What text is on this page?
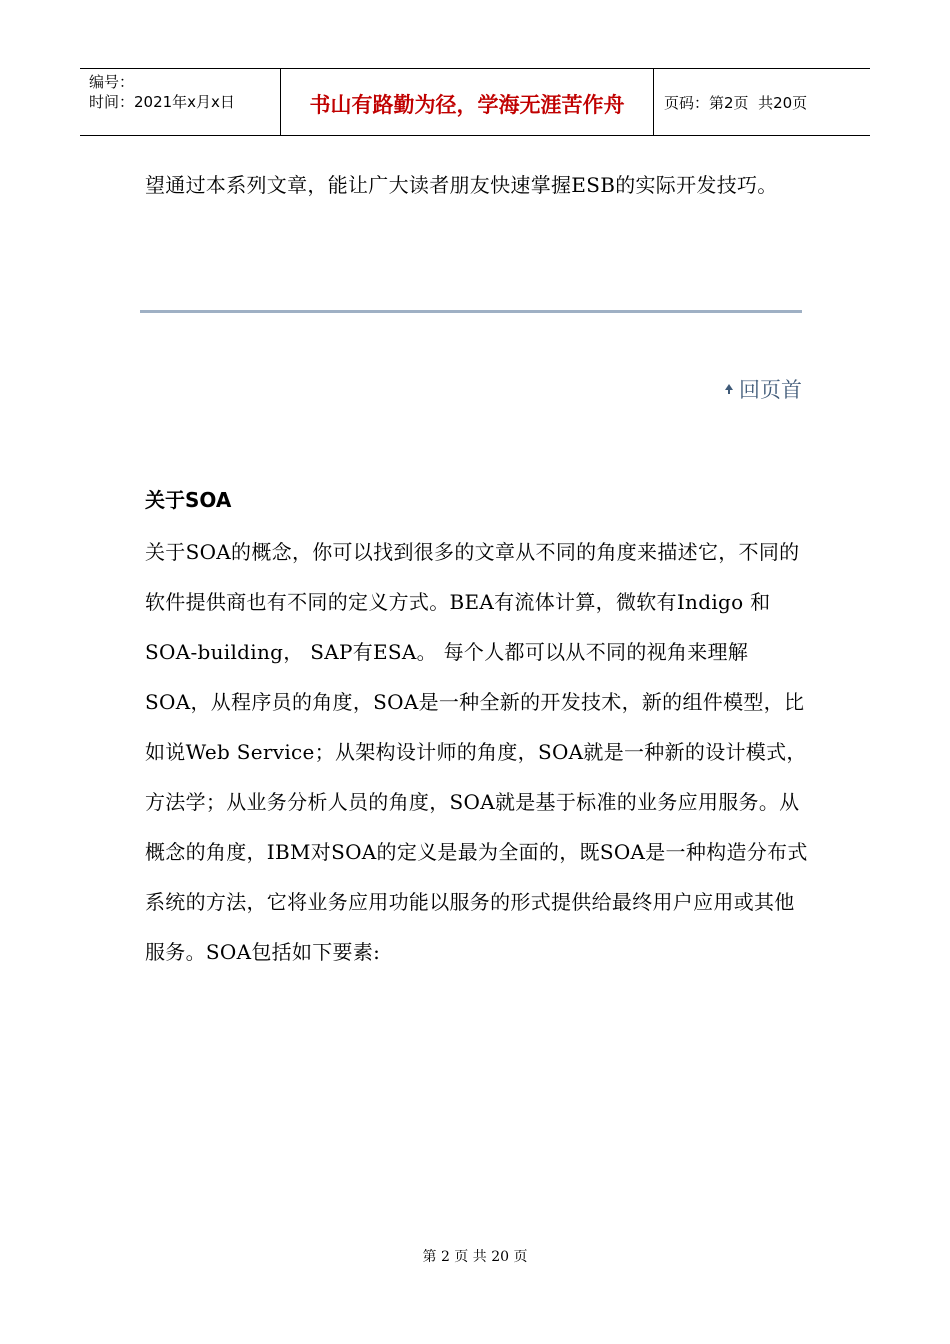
编号：
时间：2021年x月x日	书山有路勤为径，学海无涯苦作舟	页码：第2页  共20页
望通过本系列文章，能让广大读者朋友快速掌握ESB的实际开发技巧。
回页首
关于SOA
关于SOA的概念，你可以找到很多的文章从不同的角度来描述它，不同的软件提供商也有不同的定义方式。BEA有流体计算，微软有Indigo 和SOA-building， SAP有ESA。 每个人都可以从不同的视角来理解SOA，从程序员的角度，SOA是一种全新的开发技术，新的组件模型，比如说Web Service；从架构设计师的角度，SOA就是一种新的设计模式，方法学；从业务分析人员的角度，SOA就是基于标准的业务应用服务。从概念的角度，IBM对SOA的定义是最为全面的，既SOA是一种构造分布式系统的方法，它将业务应用功能以服务的形式提供给最终用户应用或其他服务。SOA包括如下要素:
第 2 页 共 20 页
